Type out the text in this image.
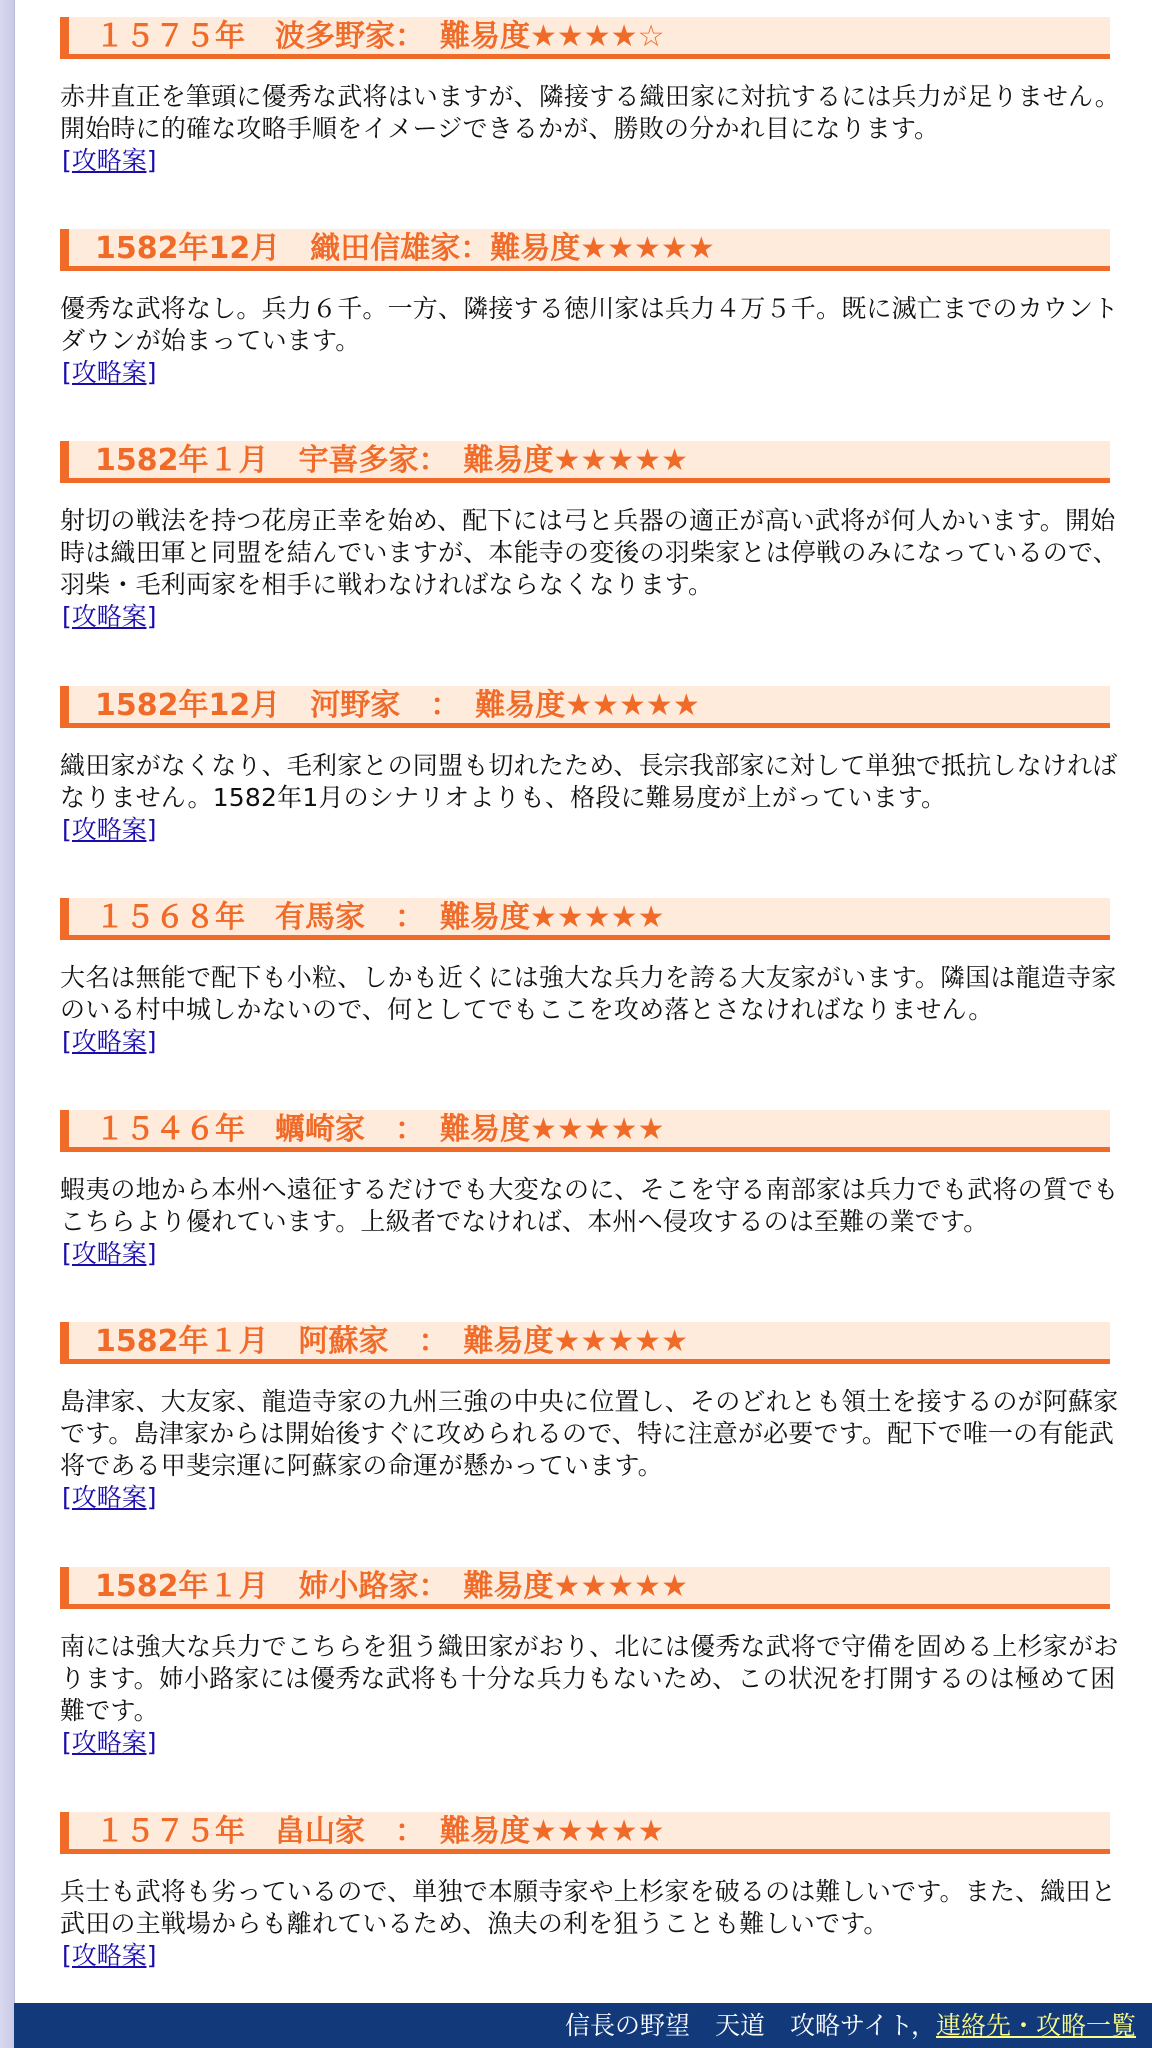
１５７５年　波多野家：　難易度★★★★☆
赤井直正を筆頭に優秀な武将はいますが、隣接する織田家に対抗するには兵力が足りません。開始時に的確な攻略手順をイメージできるかが、勝敗の分かれ目になります。
[攻略案]
1582年12月　織田信雄家：難易度★★★★★
優秀な武将なし。兵力６千。一方、隣接する徳川家は兵力４万５千。既に滅亡までのカウントダウンが始まっています。
[攻略案]
1582年１月　宇喜多家：　難易度★★★★★
射切の戦法を持つ花房正幸を始め、配下には弓と兵器の適正が高い武将が何人かいます。開始時は織田軍と同盟を結んでいますが、本能寺の変後の羽柴家とは停戦のみになっているので、羽柴・毛利両家を相手に戦わなければならなくなります。
[攻略案]
1582年12月　河野家　：　難易度★★★★★
織田家がなくなり、毛利家との同盟も切れたため、長宗我部家に対して単独で抵抗しなければなりません。1582年1月のシナリオよりも、格段に難易度が上がっています。
[攻略案]
１５６８年　有馬家　：　難易度★★★★★
大名は無能で配下も小粒、しかも近くには強大な兵力を誇る大友家がいます。隣国は龍造寺家のいる村中城しかないので、何としてでもここを攻め落とさなければなりません。
[攻略案]
１５４６年　蠣崎家　：　難易度★★★★★
蝦夷の地から本州へ遠征するだけでも大変なのに、そこを守る南部家は兵力でも武将の質でもこちらより優れています。上級者でなければ、本州へ侵攻するのは至難の業です。
[攻略案]
1582年１月　阿蘇家　：　難易度★★★★★
島津家、大友家、龍造寺家の九州三強の中央に位置し、そのどれとも領土を接するのが阿蘇家です。島津家からは開始後すぐに攻められるので、特に注意が必要です。配下で唯一の有能武将である甲斐宗運に阿蘇家の命運が懸かっています。
[攻略案]
1582年１月　姉小路家：　難易度★★★★★
南には強大な兵力でこちらを狙う織田家がおり、北には優秀な武将で守備を固める上杉家がおります。姉小路家には優秀な武将も十分な兵力もないため、この状況を打開するのは極めて困難です。
[攻略案]
１５７５年　畠山家　：　難易度★★★★★
兵士も武将も劣っているので、単独で本願寺家や上杉家を破るのは難しいです。また、織田と武田の主戦場からも離れているため、漁夫の利を狙うことも難しいです。
[攻略案]
信長の野望　天道　攻略サイト，連絡先・攻略一覧
